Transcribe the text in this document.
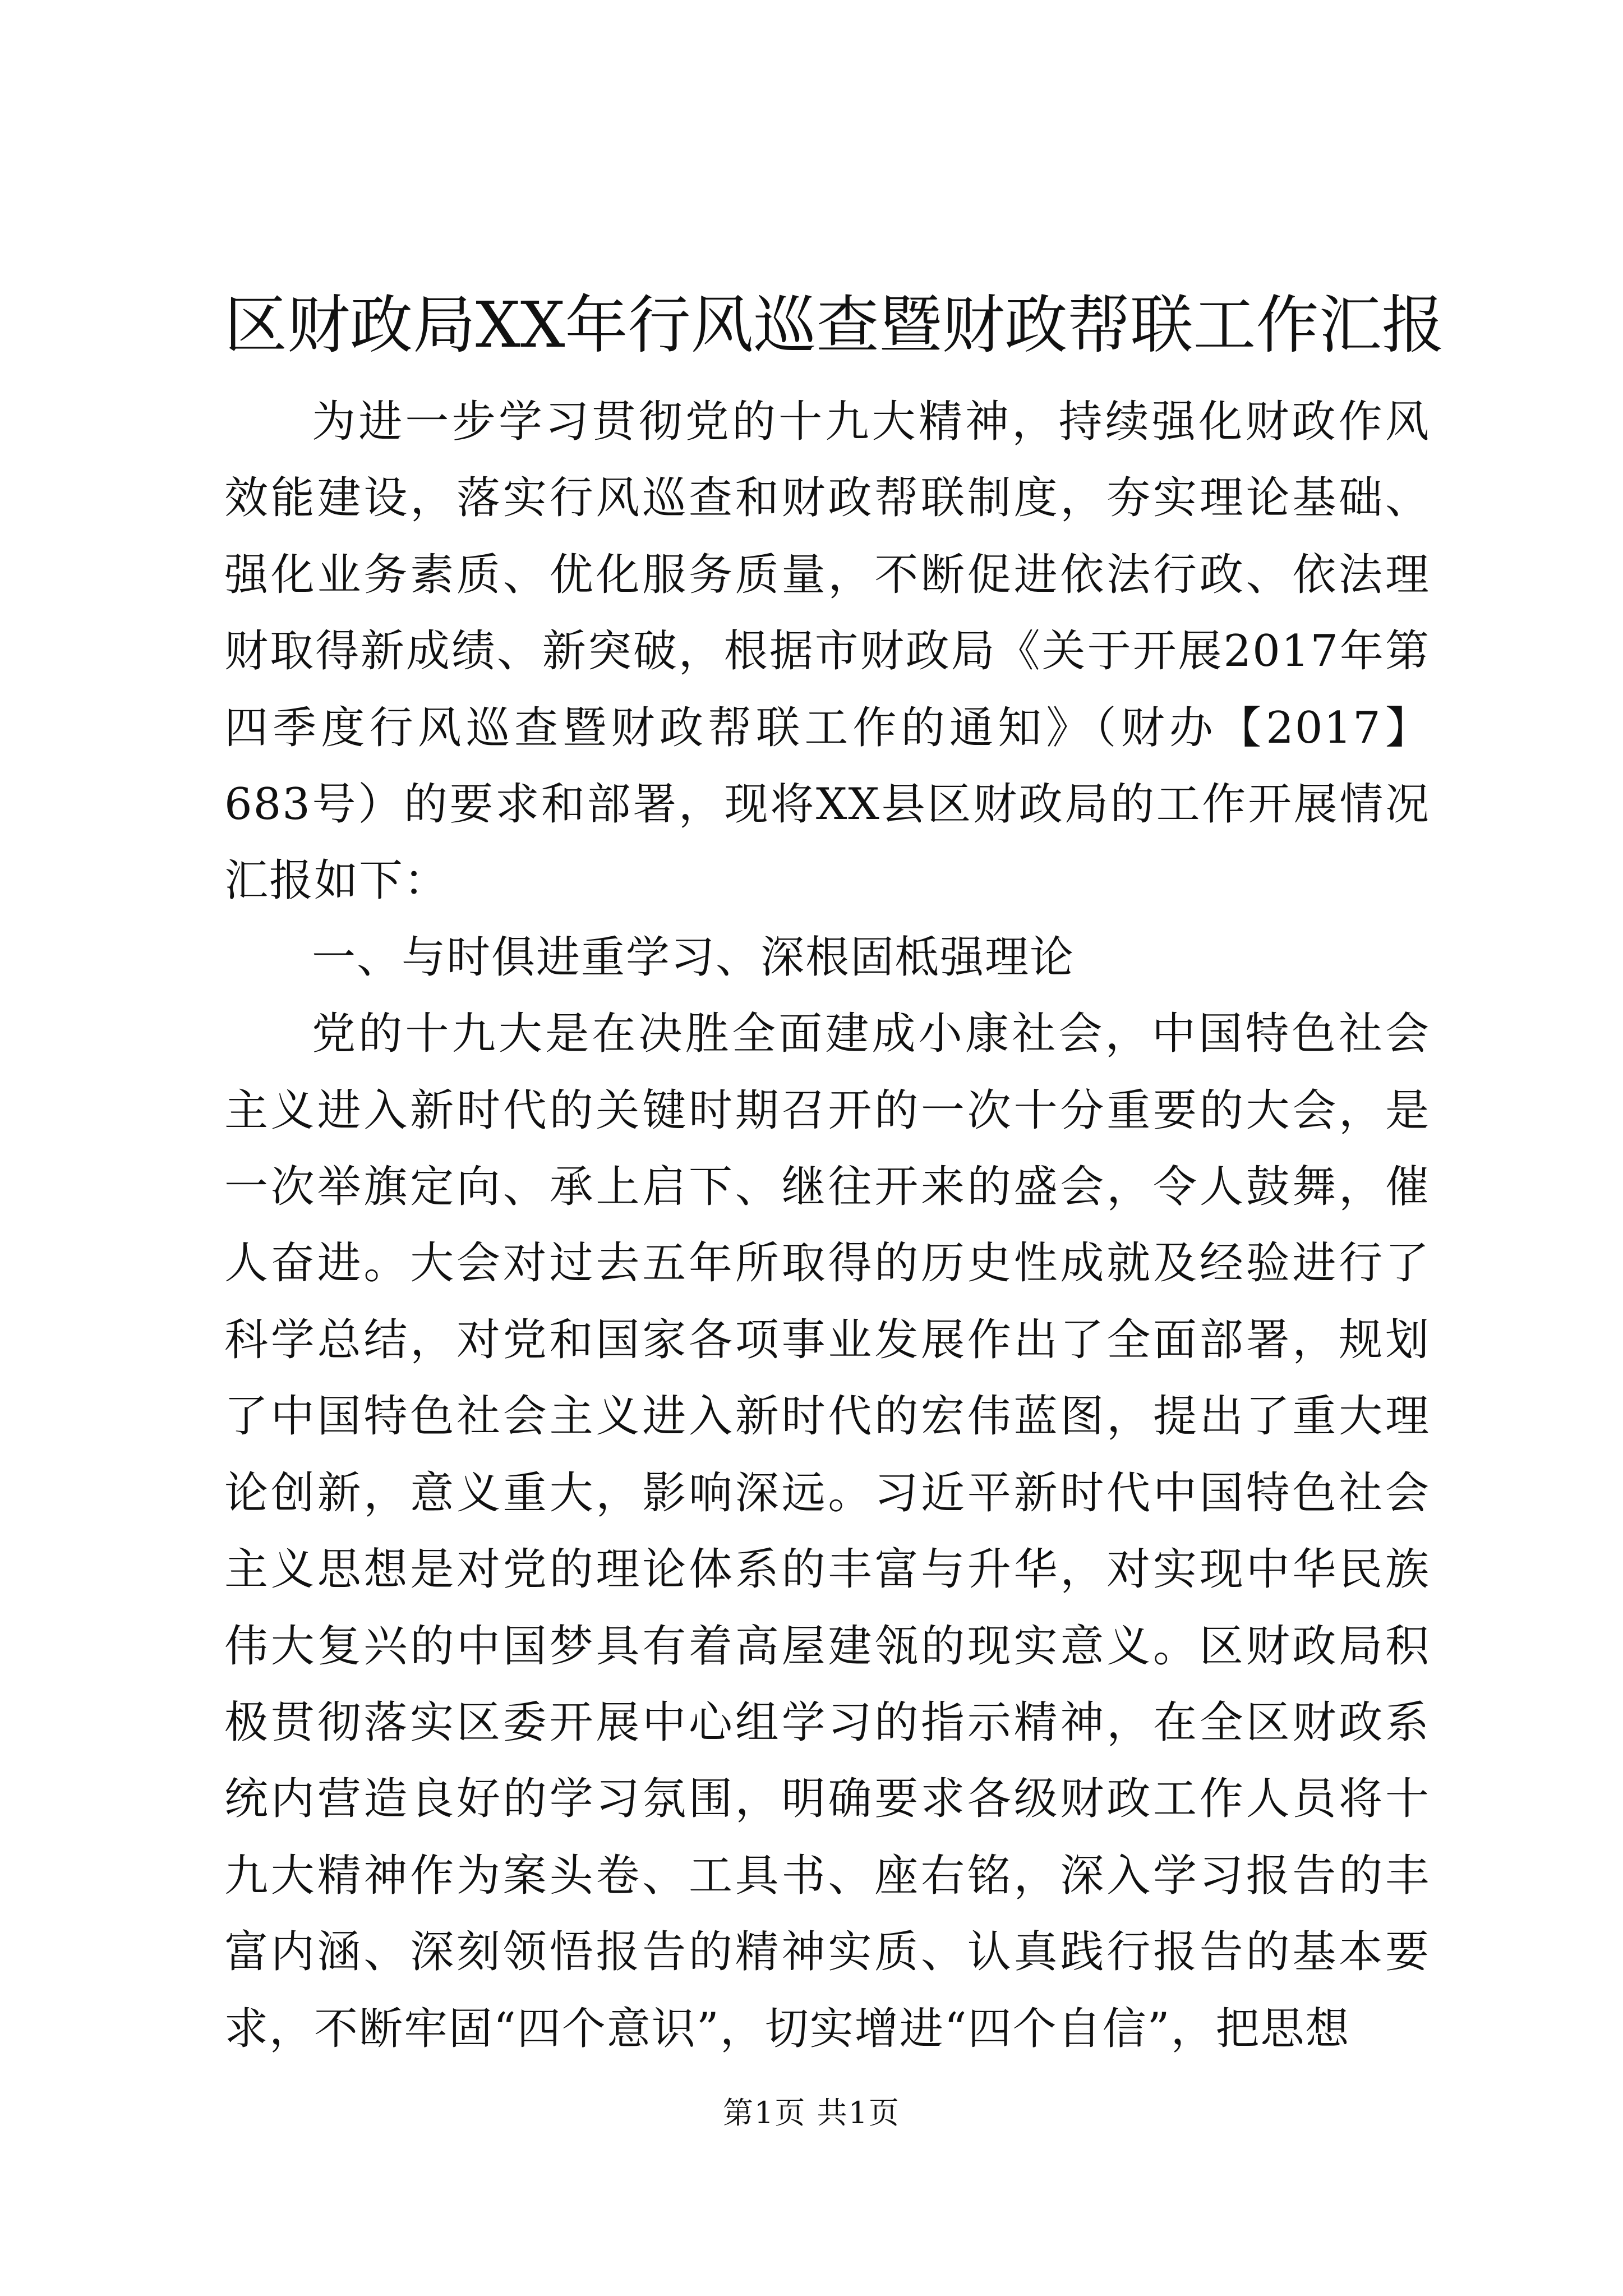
区财政局XX年行风巡查暨财政帮联工作汇报

为进一步学习贯彻党的十九大精神，持续强化财政作风效能建设，落实行风巡查和财政帮联制度，夯实理论基础、强化业务素质、优化服务质量，不断促进依法行政、依法理财取得新成绩、新突破，根据市财政局《关于开展2017年第四季度行风巡查暨财政帮联工作的通知》（财办【2017】683号）的要求和部署，现将XX县区财政局的工作开展情况汇报如下：

一、与时俱进重学习、深根固柢强理论

党的十九大是在决胜全面建成小康社会，中国特色社会主义进入新时代的关键时期召开的一次十分重要的大会，是一次举旗定向、承上启下、继往开来的盛会，令人鼓舞，催人奋进。大会对过去五年所取得的历史性成就及经验进行了科学总结，对党和国家各项事业发展作出了全面部署，规划了中国特色社会主义进入新时代的宏伟蓝图，提出了重大理论创新，意义重大，影响深远。习近平新时代中国特色社会主义思想是对党的理论体系的丰富与升华，对实现中华民族伟大复兴的中国梦具有着高屋建瓴的现实意义。区财政局积极贯彻落实区委开展中心组学习的指示精神，在全区财政系统内营造良好的学习氛围，明确要求各级财政工作人员将十九大精神作为案头卷、工具书、座右铭，深入学习报告的丰富内涵、深刻领悟报告的精神实质、认真践行报告的基本要求，不断牢固“四个意识”，切实增进“四个自信”，把思想

第1页 共1页
